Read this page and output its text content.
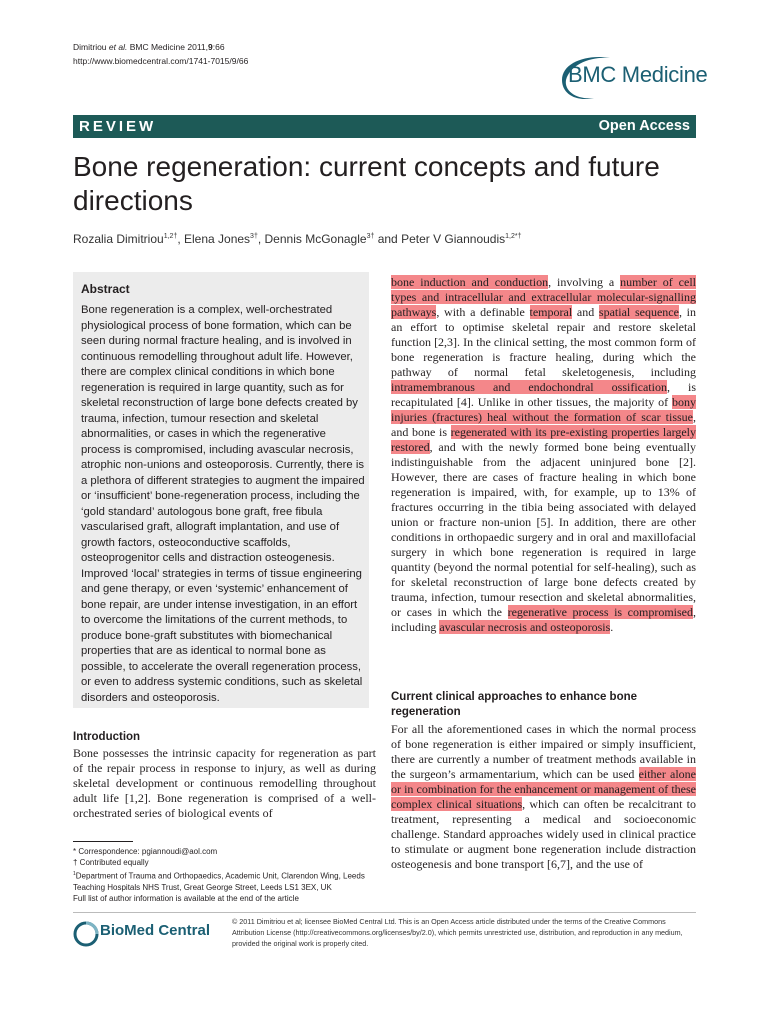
Dimitriou et al. BMC Medicine 2011,9:66
http://www.biomedcentral.com/1741-7015/9/66
BMC Medicine
REVIEW	Open Access
Bone regeneration: current concepts and future directions
Rozalia Dimitriou$^{1,2\dagger}$, Elena Jones$^{3\dagger}$, Dennis McGonagle$^{3\dagger}$ and Peter V Giannoudis$^{1,2*\dagger}$
Abstract

Bone regeneration is a complex, well-orchestrated physiological process of bone formation, which can be seen during normal fracture healing, and is involved in continuous remodelling throughout adult life. However, there are complex clinical conditions in which bone regeneration is required in large quantity, such as for skeletal reconstruction of large bone defects created by trauma, infection, tumour resection and skeletal abnormalities, or cases in which the regenerative process is compromised, including avascular necrosis, atrophic non-unions and osteoporosis. Currently, there is a plethora of different strategies to augment the impaired or ‘insufficient’ bone-regeneration process, including the ‘gold standard’ autologous bone graft, free fibula vascularised graft, allograft implantation, and use of growth factors, osteoconductive scaffolds, osteoprogenitor cells and distraction osteogenesis. Improved ‘local’ strategies in terms of tissue engineering and gene therapy, or even ‘systemic’ enhancement of bone repair, are under intense investigation, in an effort to overcome the limitations of the current methods, to produce bone-graft substitutes with biomechanical properties that are as identical to normal bone as possible, to accelerate the overall regeneration process, or even to address systemic conditions, such as skeletal disorders and osteoporosis.

Introduction
Bone possesses the intrinsic capacity for regeneration as part of the repair process in response to injury, as well as during skeletal development or continuous remodelling throughout adult life [1,2]. Bone regeneration is comprised of a well-orchestrated series of biological events of

* Correspondence: pgiannoudi@aol.com

† Contributed equally

$^1$Department of Trauma and Orthopaedics, Academic Unit, Clarendon Wing, Leeds Teaching Hospitals NHS Trust, Great George Street, Leeds LS1 3EX, UK

Full list of author information is available at the end of the article

bone induction and conduction, involving a number of cell types and intracellular and extracellular molecular-signalling pathways, with a definable temporal and spatial sequence, in an effort to optimise skeletal repair and restore skeletal function [2,3]. In the clinical setting, the most common form of bone regeneration is fracture healing, during which the pathway of normal fetal skeletogenesis, including intramembranous and endochondral ossification, is recapitulated [4]. Unlike in other tissues, the majority of bony injuries (fractures) heal without the formation of scar tissue, and bone is regenerated with its pre-existing properties largely restored, and with the newly formed bone being eventually indistinguishable from the adjacent uninjured bone [2]. However, there are cases of fracture healing in which bone regeneration is impaired, with, for example, up to 13% of fractures occurring in the tibia being associated with delayed union or fracture non-union [5]. In addition, there are other conditions in orthopaedic surgery and in oral and maxillofacial surgery in which bone regeneration is required in large quantity (beyond the normal potential for self-healing), such as for skeletal reconstruction of large bone defects created by trauma, infection, tumour resection and skeletal abnormalities, or cases in which the regenerative process is compromised, including avascular necrosis and osteoporosis.
Current clinical approaches to enhance bone regeneration
For all the aforementioned cases in which the normal process of bone regeneration is either impaired or simply insufficient, there are currently a number of treatment methods available in the surgeon’s armamentarium, which can be used either alone or in combination for the enhancement or management of these complex clinical situations, which can often be recalcitrant to treatment, representing a medical and socioeconomic challenge. Standard approaches widely used in clinical practice to stimulate or augment bone regeneration include distraction osteogenesis and bone transport [6,7], and the use of
BioMed Central
© 2011 Dimitriou et al; licensee BioMed Central Ltd. This is an Open Access article distributed under the terms of the Creative Commons Attribution License (http://creativecommons.org/licenses/by/2.0), which permits unrestricted use, distribution, and reproduction in any medium, provided the original work is properly cited.
